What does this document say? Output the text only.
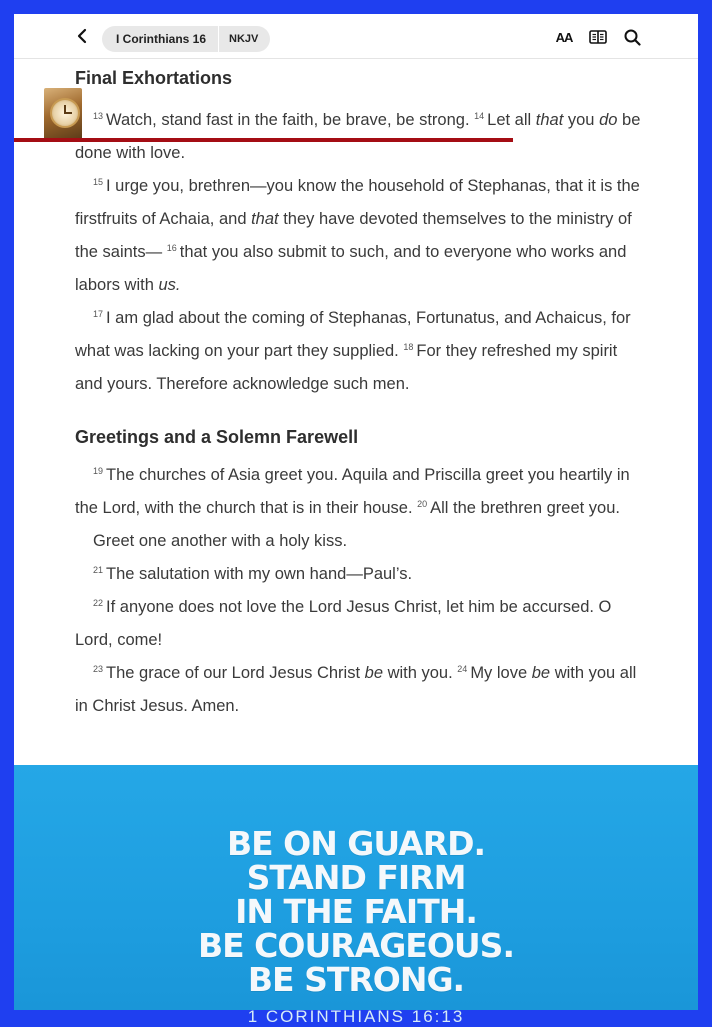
I Corinthians 16	NKJV	AA
Final Exhortations

$^{13}$ Watch, stand fast in the faith, be brave, be strong. $^{14}$ Let all that you do be done with love.

$^{15}$ I urge you, brethren—you know the household of Stephanas, that it is the firstfruits of Achaia, and that they have devoted themselves to the ministry of the saints— $^{16}$ that you also submit to such, and to everyone who works and labors with us.

$^{17}$ I am glad about the coming of Stephanas, Fortunatus, and Achaicus, for what was lacking on your part they supplied. $^{18}$ For they refreshed my spirit and yours. Therefore acknowledge such men.

Greetings and a Solemn Farewell

$^{19}$ The churches of Asia greet you. Aquila and Priscilla greet you heartily in the Lord, with the church that is in their house. $^{20}$ All the brethren greet you.

Greet one another with a holy kiss.

$^{21}$ The salutation with my own hand—Paul’s.

$^{22}$ If anyone does not love the Lord Jesus Christ, let him be accursed. O Lord, come!

$^{23}$ The grace of our Lord Jesus Christ be with you. $^{24}$ My love be with you all in Christ Jesus. Amen.

BE ON GUARD.
STAND FIRM
IN THE FAITH.
BE COURAGEOUS.
BE STRONG.
1 CORINTHIANS 16:13
